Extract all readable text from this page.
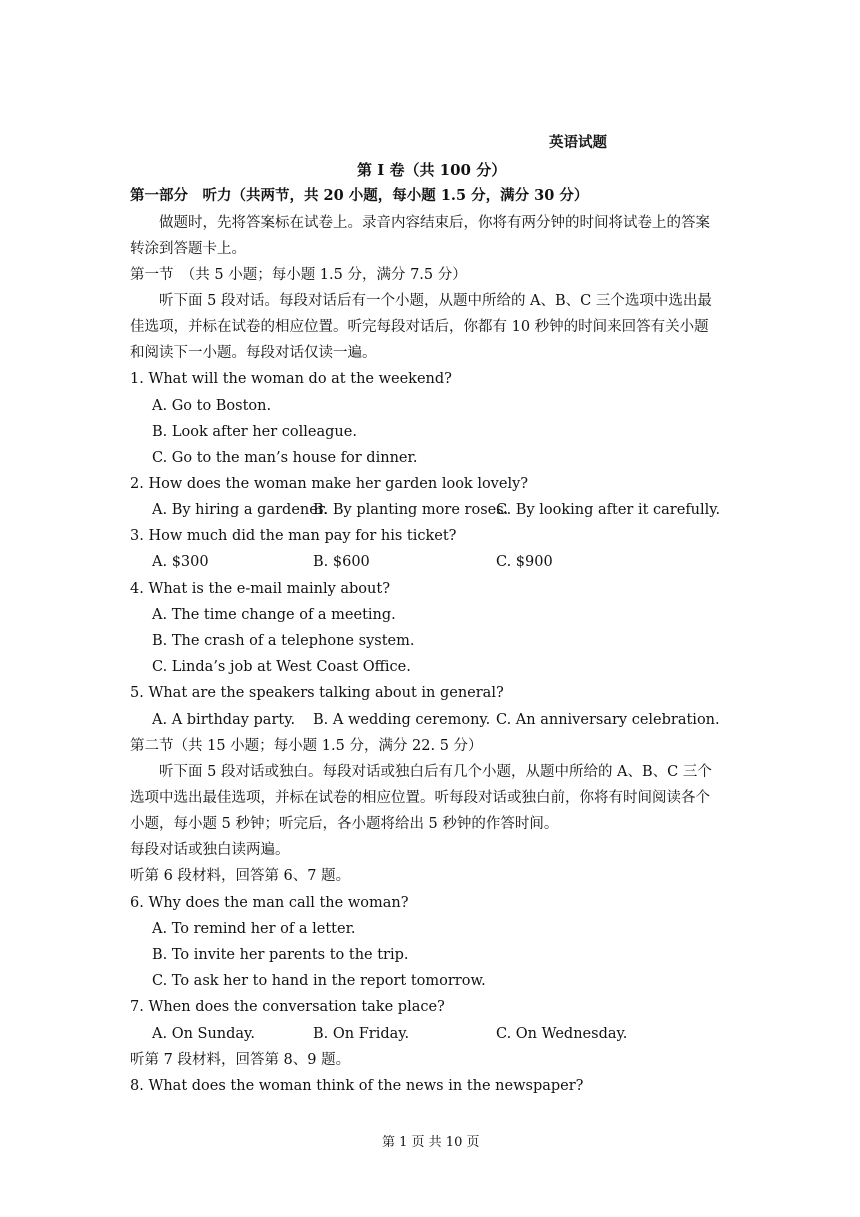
英语试题
第 I 卷（共 100 分）
第一部分　听力（共两节，共 20 小题，每小题 1.5 分，满分 30 分）
做题时，先将答案标在试卷上。录音内容结束后，你将有两分钟的时间将试卷上的答案
转涂到答题卡上。
第一节　（共 5 小题；每小题 1.5 分，满分 7.5 分）
听下面 5 段对话。每段对话后有一个小题，从题中所给的 A、B、C 三个选项中选出最
佳选项，并标在试卷的相应位置。听完每段对话后，你都有 10 秒钟的时间来回答有关小题
和阅读下一小题。每段对话仅读一遍。
1. What will the woman do at the weekend?
A. Go to Boston.
B. Look after her colleague.
C. Go to the man’s house for dinner.
2. How does the woman make her garden look lovely?
A. By hiring a gardener.
B. By planting more roses.
C. By looking after it carefully.
3. How much did the man pay for his ticket?
A. $300	B. $600	C. $900
4. What is the e-mail mainly about?
A. The time change of a meeting.
B. The crash of a telephone system.
C. Linda’s job at West Coast Office.
5. What are the speakers talking about in general?
A. A birthday party. B. A wedding ceremony. C. An anniversary celebration.
第二节（共 15 小题；每小题 1.5 分，满分 22. 5 分）
听下面 5 段对话或独白。每段对话或独白后有几个小题，从题中所给的 A、B、C 三个
选项中选出最佳选项，并标在试卷的相应位置。听每段对话或独白前，你将有时间阅读各个
小题，每小题 5 秒钟；听完后，各小题将给出 5 秒钟的作答时间。
每段对话或独白读两遍。
听第 6 段材料，回答第 6、7 题。
6. Why does the man call the woman?
A. To remind her of a letter.
B. To invite her parents to the trip.
C. To ask her to hand in the report tomorrow.
7. When does the conversation take place?
A. On Sunday.	B. On Friday.	C. On Wednesday.
听第 7 段材料，回答第 8、9 题。
8. What does the woman think of the news in the newspaper?
第 1 页 共 10 页
